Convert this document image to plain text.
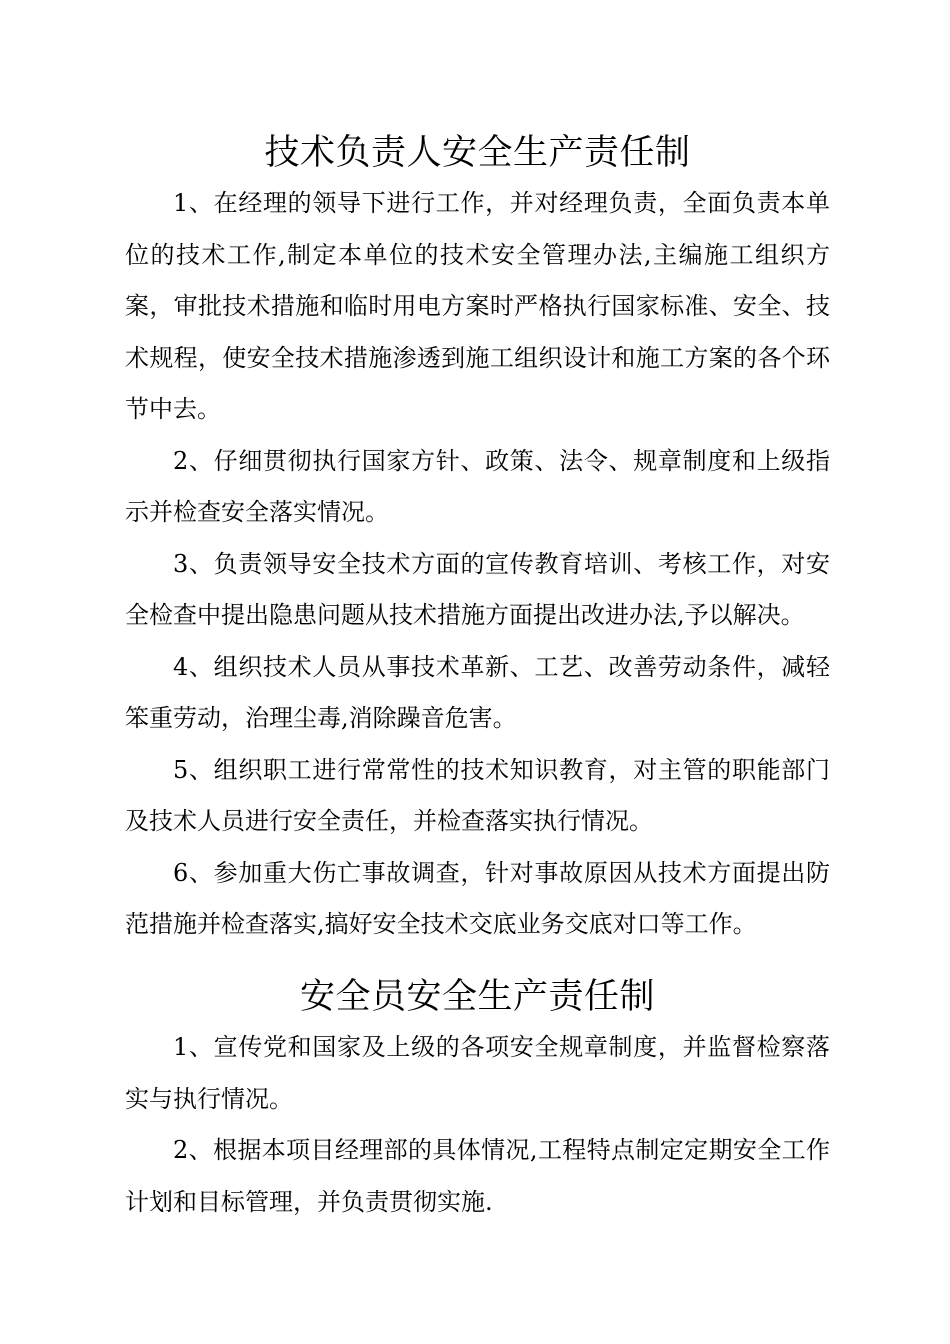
技术负责人安全生产责任制

1、在经理的领导下进行工作，并对经理负责，全面负责本单位的技术工作,制定本单位的技术安全管理办法,主编施工组织方案，审批技术措施和临时用电方案时严格执行国家标准、安全、技术规程，使安全技术措施渗透到施工组织设计和施工方案的各个环节中去。

2、仔细贯彻执行国家方针、政策、法令、规章制度和上级指示并检查安全落实情况。

3、负责领导安全技术方面的宣传教育培训、考核工作，对安全检查中提出隐患问题从技术措施方面提出改进办法,予以解决。

4、组织技术人员从事技术革新、工艺、改善劳动条件，减轻笨重劳动，治理尘毒,消除躁音危害。

5、组织职工进行常常性的技术知识教育，对主管的职能部门及技术人员进行安全责任，并检查落实执行情况。

6、参加重大伤亡事故调查，针对事故原因从技术方面提出防范措施并检查落实,搞好安全技术交底业务交底对口等工作。

安全员安全生产责任制

1、宣传党和国家及上级的各项安全规章制度，并监督检察落实与执行情况。

2、根据本项目经理部的具体情况,工程特点制定定期安全工作计划和目标管理，并负责贯彻实施.
